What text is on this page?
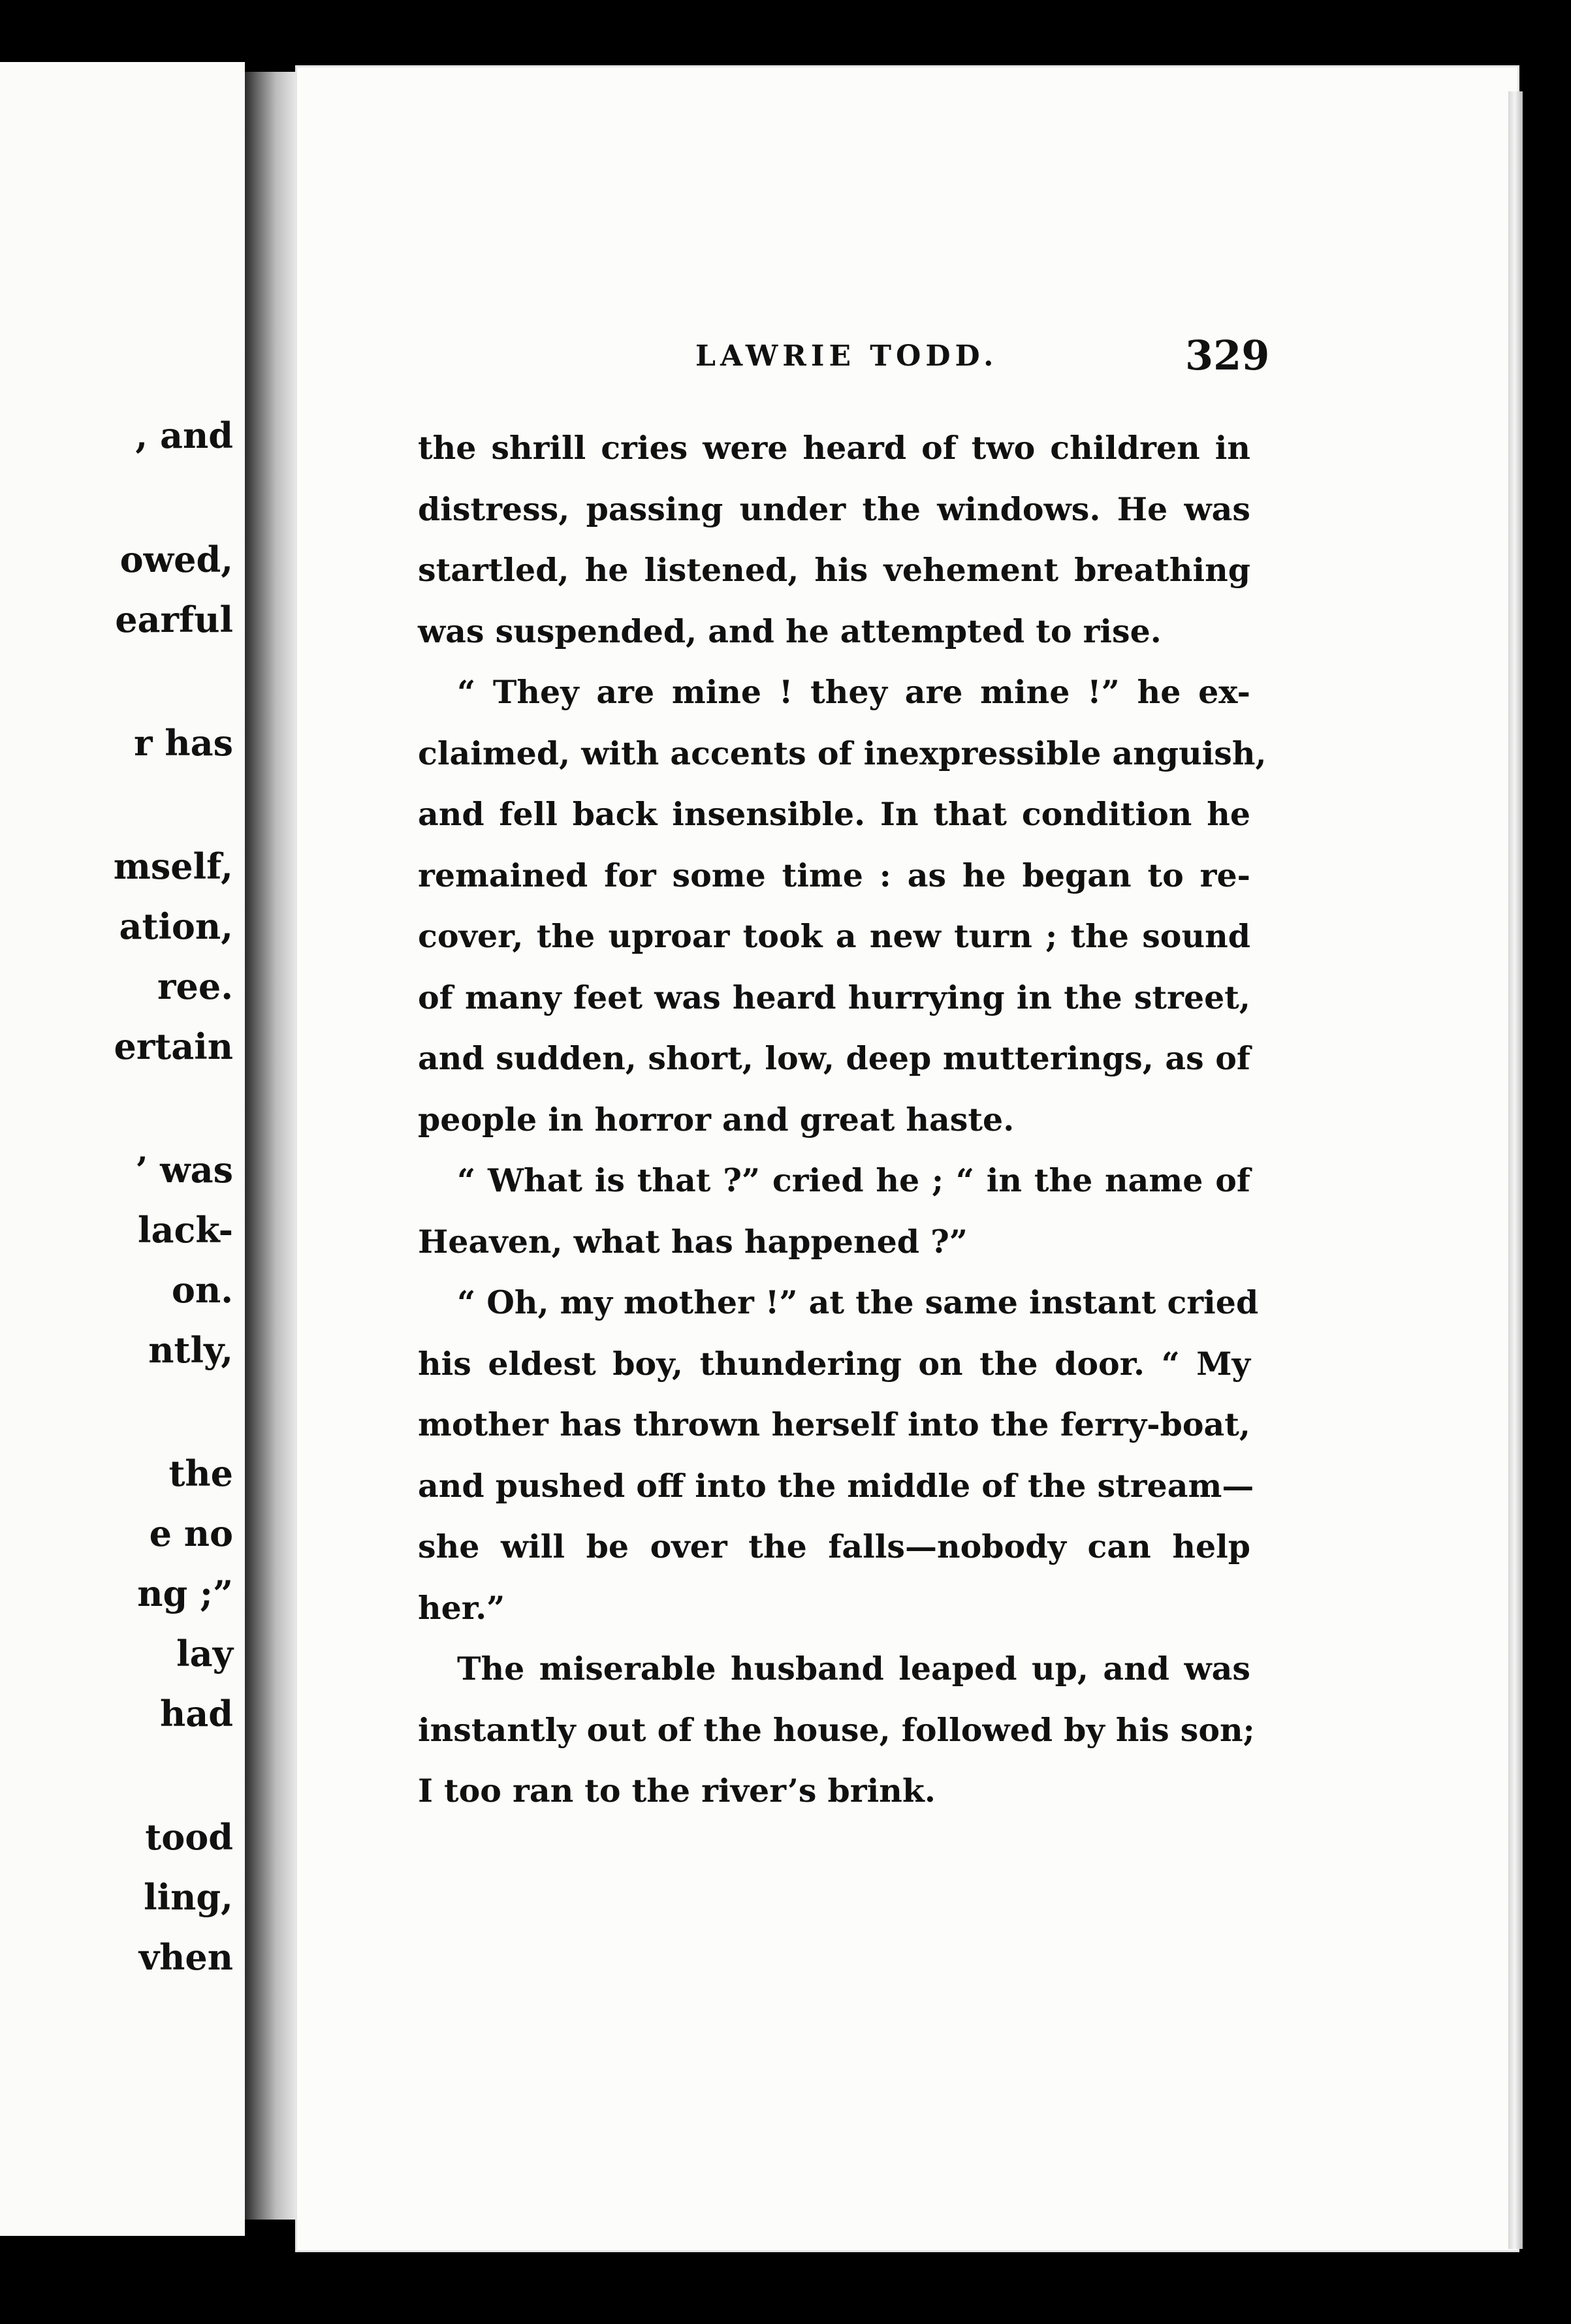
, and
owed,
earful
r has
mself,
ation,
ree.
ertain
’ was
lack-
on.
ntly,
the
e no
ng ;”
lay
had
tood
ling,
vhen
LAWRIE TODD.	329
the shrill cries were heard of two children in
distress, passing under the windows. He was
startled, he listened, his vehement breathing
was suspended, and he attempted to rise.
“ They are mine ! they are mine !” he ex-
claimed, with accents of inexpressible anguish,
and fell back insensible. In that condition he
remained for some time : as he began to re-
cover, the uproar took a new turn ; the sound
of many feet was heard hurrying in the street,
and sudden, short, low, deep mutterings, as of
people in horror and great haste.
“ What is that ?” cried he ; “ in the name of
Heaven, what has happened ?”
“ Oh, my mother !” at the same instant cried
his eldest boy, thundering on the door. “ My
mother has thrown herself into the ferry-boat,
and pushed off into the middle of the stream—
she will be over the falls—nobody can help
her.”
The miserable husband leaped up, and was
instantly out of the house, followed by his son;
I too ran to the river’s brink.
